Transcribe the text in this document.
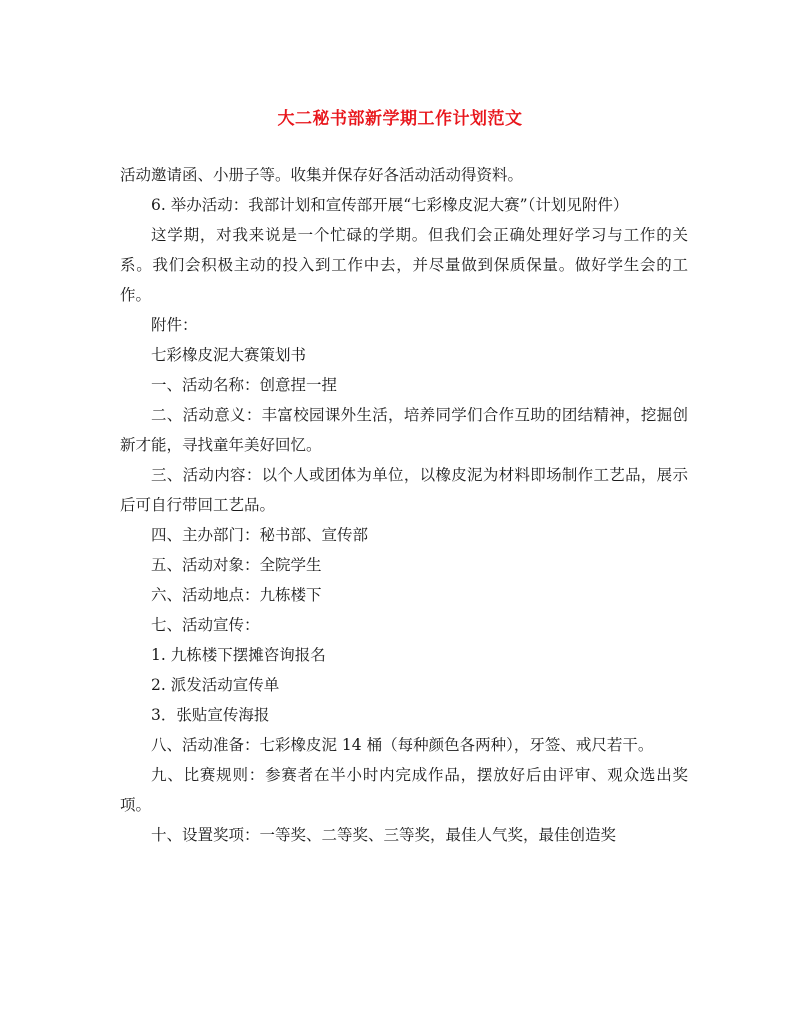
大二秘书部新学期工作计划范文

活动邀请函、小册子等。收集并保存好各活动活动得资料。

6. 举办活动：我部计划和宣传部开展“七彩橡皮泥大赛”（计划见附件）

这学期，对我来说是一个忙碌的学期。但我们会正确处理好学习与工作的关系。我们会积极主动的投入到工作中去，并尽量做到保质保量。做好学生会的工作。

附件：

七彩橡皮泥大赛策划书

一、活动名称：创意捏一捏

二、活动意义：丰富校园课外生活，培养同学们合作互助的团结精神，挖掘创新才能，寻找童年美好回忆。

三、活动内容：以个人或团体为单位，以橡皮泥为材料即场制作工艺品，展示后可自行带回工艺品。

四、主办部门：秘书部、宣传部

五、活动对象：全院学生

六、活动地点：九栋楼下

七、活动宣传：

1. 九栋楼下摆摊咨询报名

2. 派发活动宣传单

3．张贴宣传海报

八、活动准备：七彩橡皮泥 14 桶（每种颜色各两种），牙签、戒尺若干。

九、比赛规则：参赛者在半小时内完成作品，摆放好后由评审、观众选出奖项。

十、设置奖项：一等奖、二等奖、三等奖，最佳人气奖，最佳创造奖
